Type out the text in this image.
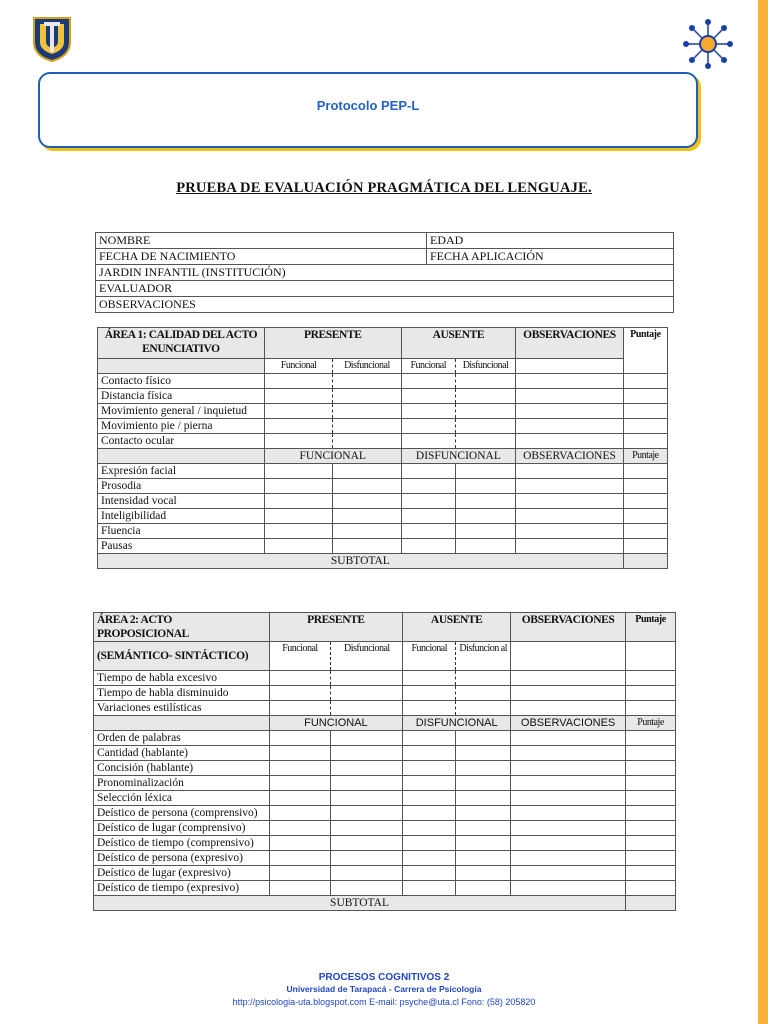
Protocolo PEP-L
PRUEBA DE EVALUACIÓN PRAGMÁTICA DEL LENGUAJE.
NOMBRE	EDAD
FECHA DE NACIMIENTO	FECHA APLICACIÓN
JARDIN INFANTIL (INSTITUCIÓN)	
EVALUADOR	
OBSERVACIONES	
ÁREA 1: CALIDAD DEL ACTO ENUNCIATIVO	PRESENTE		AUSENTE		OBSERVACIONES	Puntaje
	Funcional	Disfuncional	Funcional	Disfuncional		
Contacto físico						
Distancia física						
Movimiento general / inquietud						
Movimiento pie / pierna						
Contacto ocular						
	FUNCIONAL		DISFUNCIONAL		OBSERVACIONES	Puntaje
Expresión facial						
Prosodia						
Intensidad vocal						
Inteligibilidad						
Fluencia						
Pausas						
SUBTOTAL						
ÁREA 2: ACTO PROPOSICIONAL	PRESENTE		AUSENTE		OBSERVACIONES	Puntaje
(SEMÁNTICO- SINTÁCTICO)	Funcional	Disfuncional	Funcional	Disfuncion al		
Tiempo de habla excesivo						
Tiempo de habla disminuido						
Variaciones estilísticas						
	FUNCIONAL		DISFUNCIONAL		OBSERVACIONES	Puntaje
Orden de palabras						
Cantidad (hablante)						
Concisión (hablante)						
Pronominalización						
Selección léxica						
Deístico de persona (comprensivo)						
Deístico de lugar (comprensivo)						
Deístico de tiempo (comprensivo)						
Deístico de persona (expresivo)						
Deístico de lugar (expresivo)						
Deístico de tiempo (expresivo)						
SUBTOTAL						
PROCESOS COGNITIVOS 2
Universidad de Tarapacá - Carrera de Psicología
http://psicologia-uta.blogspot.com E-mail: psyche@uta.cl Fono: (58) 205820
